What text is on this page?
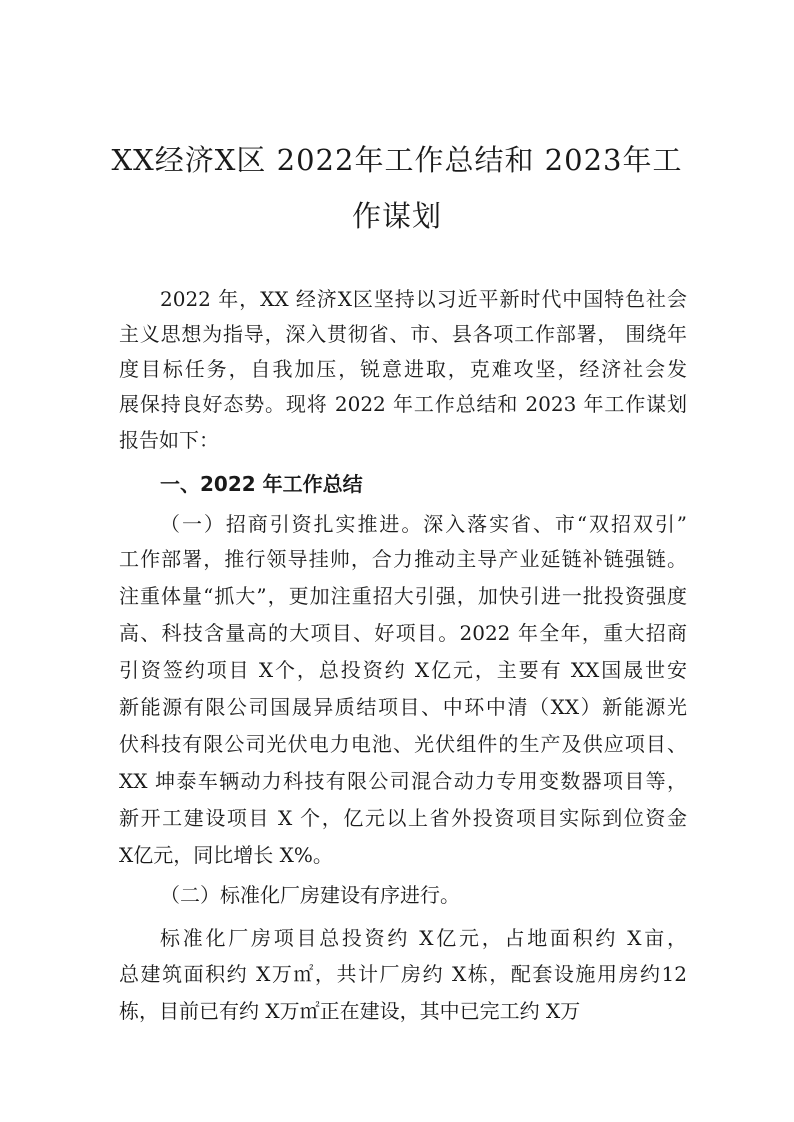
XX经济X区 2022年工作总结和 2023年工
作谋划
2022 年，XX 经济X区坚持以习近平新时代中国特色社会
主义思想为指导，深入贯彻省、市、县各项工作部署， 围绕年
度目标任务，自我加压，锐意进取，克难攻坚，经济社会发
展保持良好态势。现将 2022 年工作总结和 2023 年工作谋划
报告如下：
一、2022 年工作总结
（一）招商引资扎实推进。深入落实省、市“双招双引”
工作部署，推行领导挂帅，合力推动主导产业延链补链强链。
注重体量“抓大”，更加注重招大引强，加快引进一批投资强度
高、科技含量高的大项目、好项目。2022 年全年，重大招商
引资签约项目 X个，总投资约 X亿元，主要有 XX国晟世安
新能源有限公司国晟异质结项目、中环中清（XX）新能源光
伏科技有限公司光伏电力电池、光伏组件的生产及供应项目、
XX 坤泰车辆动力科技有限公司混合动力专用变数器项目等，
新开工建设项目 X 个，亿元以上省外投资项目实际到位资金
X亿元，同比增长 X%。
（二）标准化厂房建设有序进行。
标准化厂房项目总投资约 X亿元，占地面积约 X亩，
总建筑面积约 X万㎡，共计厂房约 X栋，配套设施用房约12
栋，目前已有约 X万㎡正在建设，其中已完工约 X万
